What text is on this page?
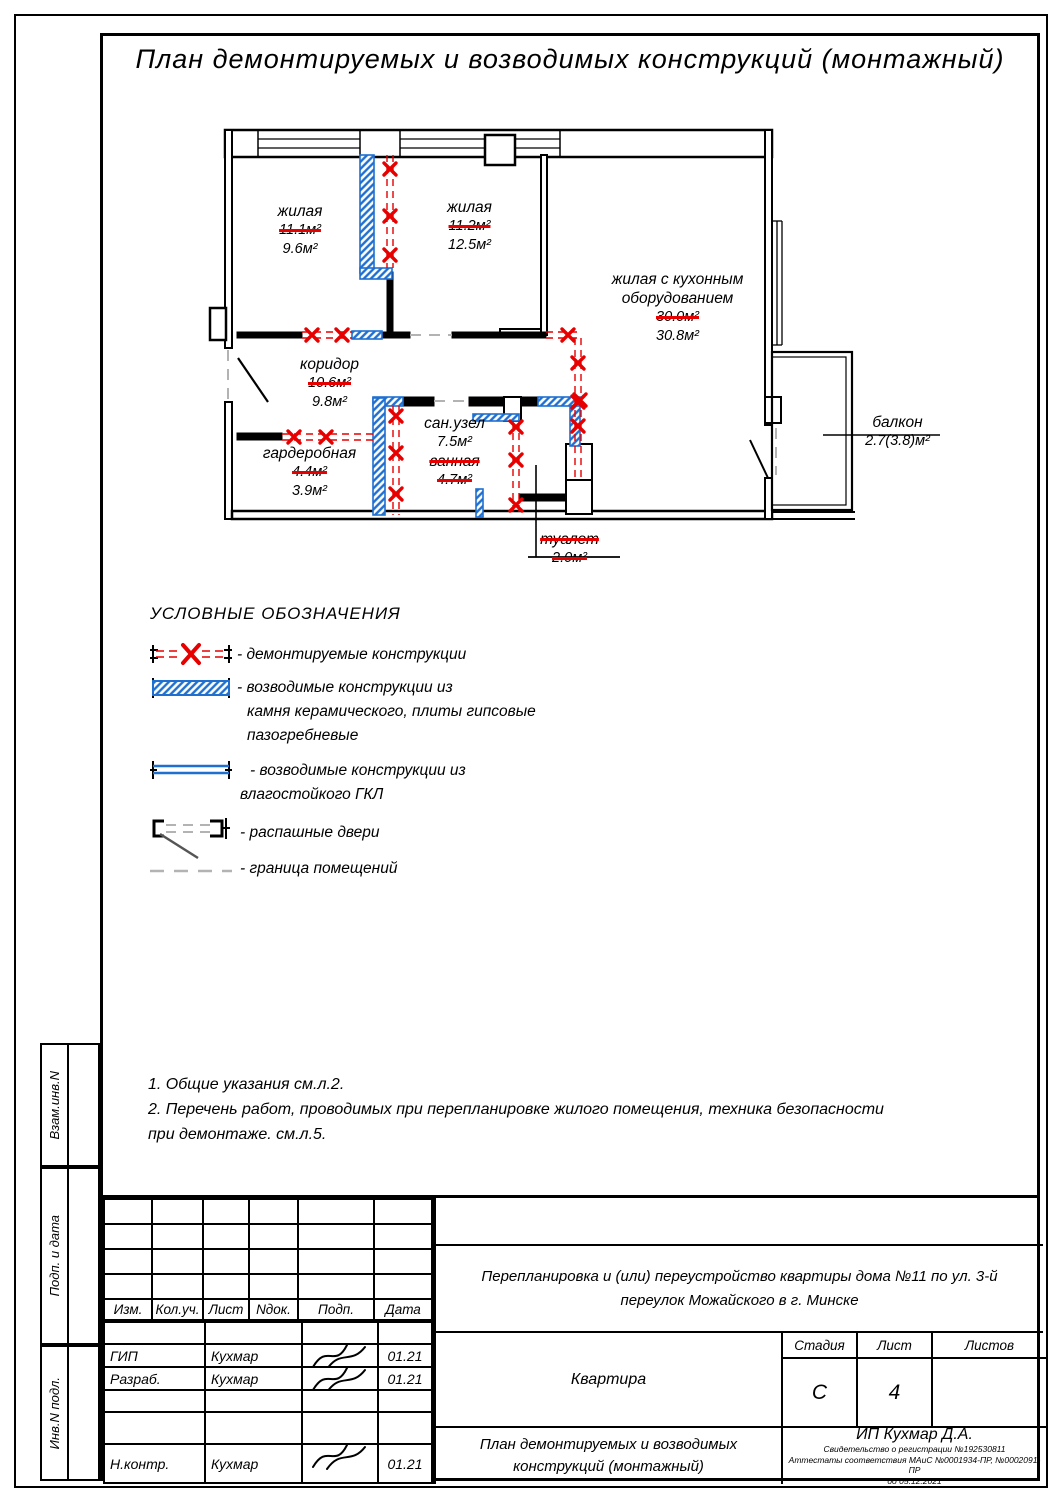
План демонтируемых и возводимых конструкций (монтажный)
жилая
11.1м²
9.6м²
жилая
11.2м²
12.5м²
жилая с кухонным
оборудованием
30.0м²
30.8м²
коридор
10.6м²
9.8м²
гардеробная
4.4м²
3.9м²
сан.узел
7.5м²
ванная
4.7м²
туалет
2.0м²
балкон
2.7(3.8)м²
УСЛОВНЫЕ ОБОЗНАЧЕНИЯ
- демонтируемые конструкции
- возводимые конструкции из
камня керамического, плиты гипсовые
пазогребневые
- возводимые конструкции из
влагостойкого ГКЛ
- распашные двери
- граница помещений
1. Общие указания см.л.2.
2. Перечень работ, проводимых при перепланировке жилого помещения, техника безопасности
при демонтаже. см.л.5.
Взам.инв.N
Подп. и дата
Инв.N подл.
Изм. Кол.уч. Лист Nдок.	Подп.	Дата
ГИП	Кухмар	01.21
Разраб.	Кухмар	01.21
Н.контр.	Кухмар	01.21
Перепланировка и (или) переустройство квартиры дома №11 по ул. 3-й
переулок Можайского в г. Минске
Квартира
Стадия	Лист	Листов
С	4
План демонтируемых и возводимых
конструкций (монтажный)
ИП Кухмар Д.А.
Свидетельство о регистрации №192530811
Аттестаты соответствия МАиС №0001934-ПР, №0002091-ПР
до 05.12.2021
